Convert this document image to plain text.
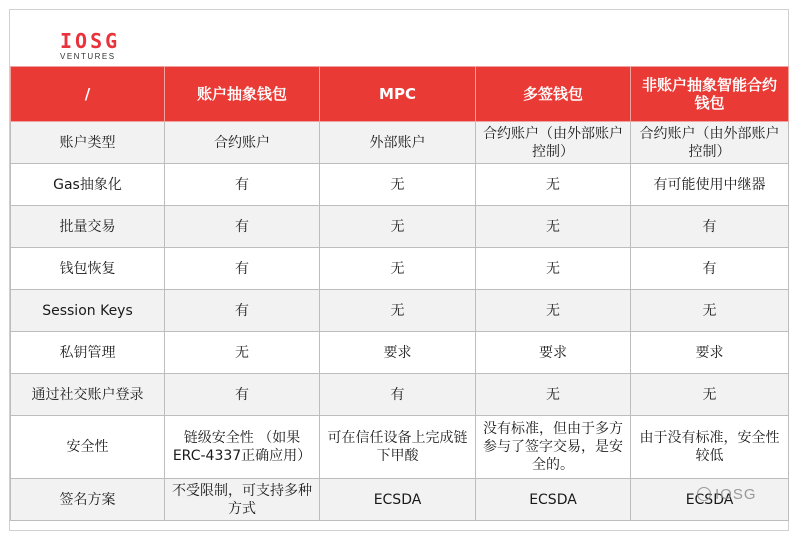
IOSG
VENTURES
/	账户抽象钱包	MPC	多签钱包	非账户抽象智能合约钱包
账户类型	合约账户	外部账户	合约账户（由外部账户控制）	合约账户（由外部账户控制）
Gas抽象化	有	无	无	有可能使用中继器
批量交易	有	无	无	有
钱包恢复	有	无	无	有
Session Keys	有	无	无	无
私钥管理	无	要求	要求	要求
通过社交账户登录	有	有	无	无
安全性	链级安全性 （如果ERC-4337正确应用）	可在信任设备上完成链下甲酸	没有标准，但由于多方参与了签字交易，是安全的。	由于没有标准，安全性较低
签名方案	不受限制，可支持多种方式	ECSDA	ECSDA	ECSDA
IOSG
